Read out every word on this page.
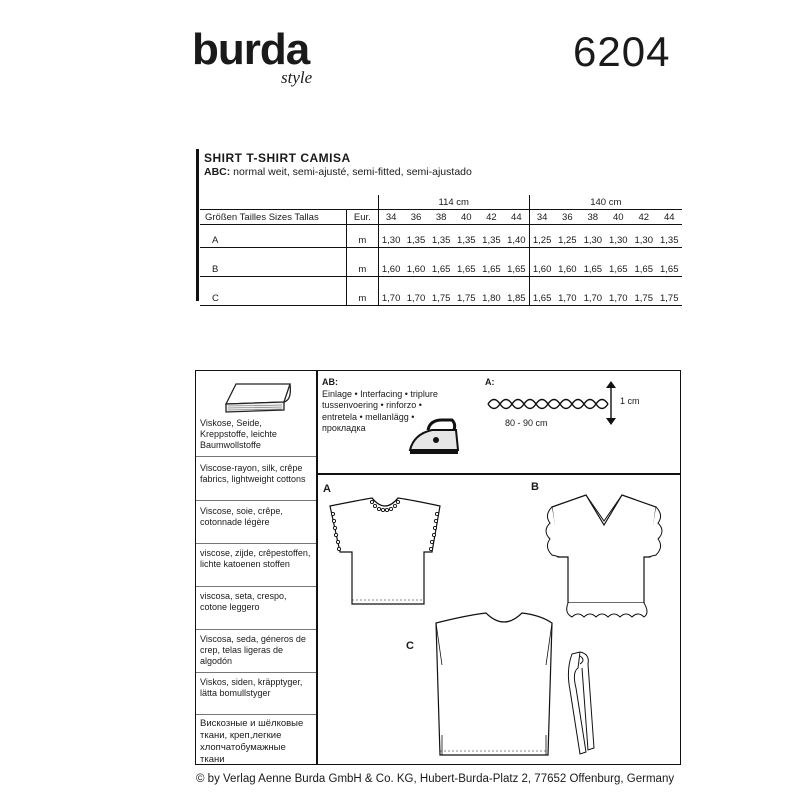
burda
style
6204
SHIRT T-SHIRT CAMISA
ABC: normal weit, semi-ajusté, semi-fitted, semi-ajustado
		114 cm						140 cm					
Größen Tailles Sizes Tallas	Eur.	34	36	38	40	42	44	34	36	38	40	42	44

A	m	1,30	1,35	1,35	1,35	1,35	1,40	1,25	1,25	1,30	1,30	1,30	1,35

B	m	1,60	1,60	1,65	1,65	1,65	1,65	1,60	1,60	1,65	1,65	1,65	1,65

C	m	1,70	1,70	1,75	1,75	1,80	1,85	1,65	1,70	1,70	1,70	1,75	1,75
Viskose, Seide, Kreppstoffe, leichte Baumwollstoffe
Viscose-rayon, silk, crêpe fabrics, lightweight cottons
Viscose, soie, crêpe, cotonnade légère
viscose, zijde, crêpestoffen, lichte katoenen stoffen
viscosa, seta, crespo, cotone leggero
Viscosa, seda, géneros de crep, telas ligeras de algodón
Viskos, siden, kräpptyger, lätta bomullstyger
Вискозные и шёлковые ткани, креп,легкие хлопчатобумажные ткани
AB:
Einlage • Interfacing • triplure
tussenvoering • rinforzo •
entretela • mellanlägg •
прокладка
A:
1 cm
80 - 90 cm
A	B
C
© by Verlag Aenne Burda GmbH & Co. KG, Hubert-Burda-Platz 2, 77652 Offenburg, Germany
